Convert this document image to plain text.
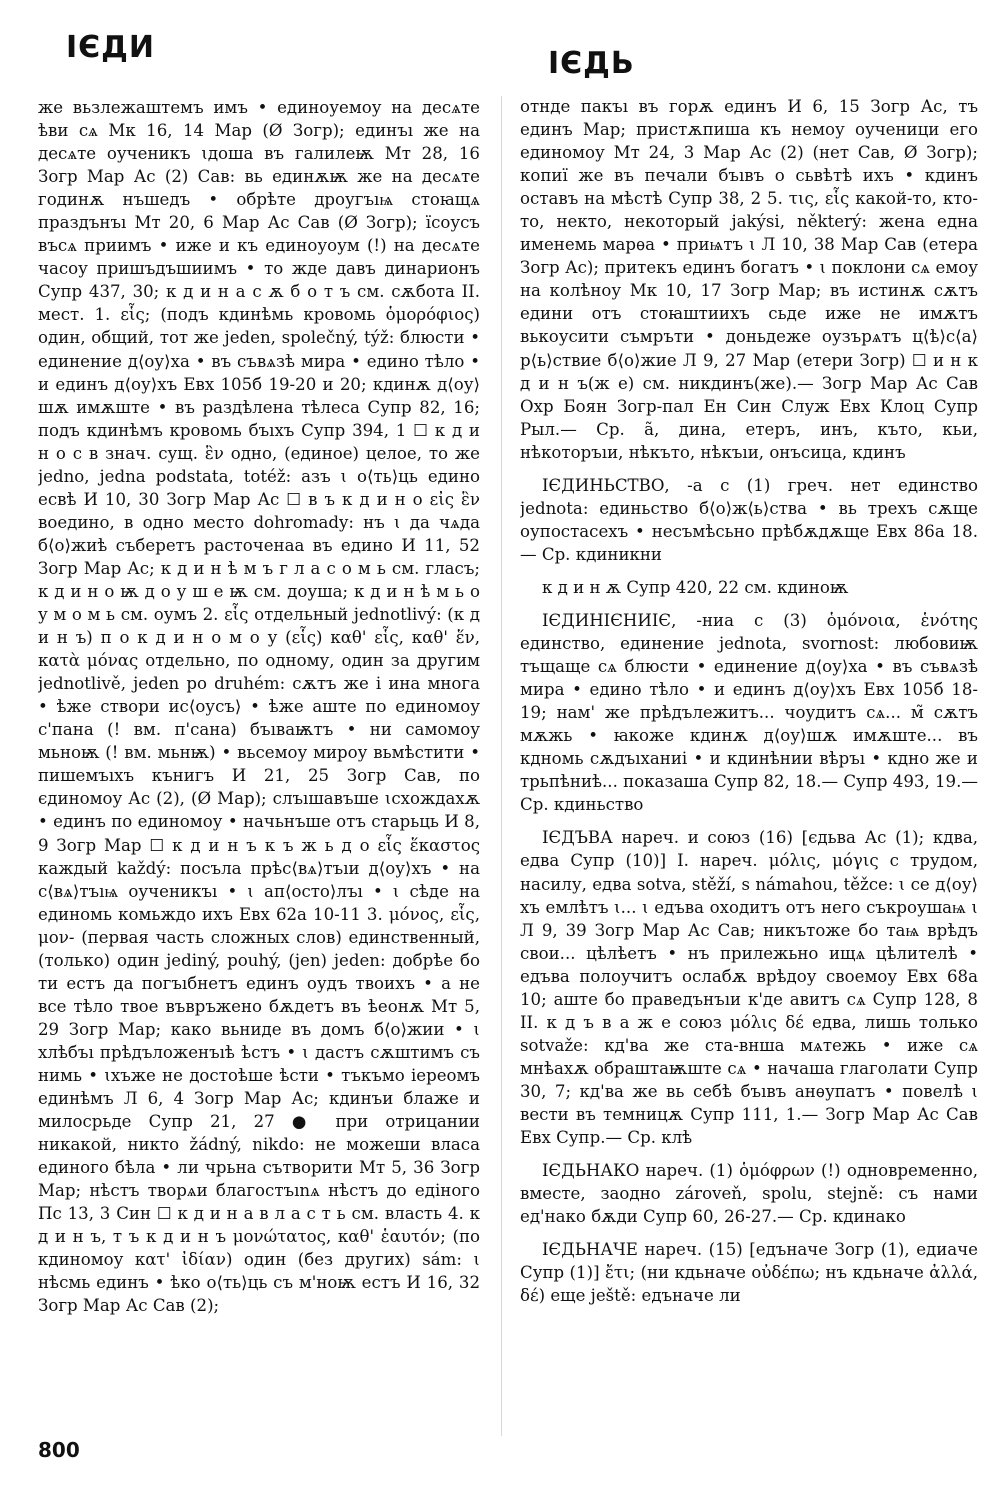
ІЄДИ	ІЄДЬ

же вьзлежаштемъ имъ • единоуемоу на десѧте ѣви сѧ Мк 16, 14 Мар (Ø Зогр); единъı же на десѧте оученикъ ꙇдоша въ галилеѭ Мт 28, 16 Зогр Мар Ас (2) Сав: вь единѫѭ же на десѧте годинѫ нъшедъ • обрѣте дроугъıѩ стоꙗщѧ праздънъı Мт 20, 6 Мар Ас Сав (Ø Зогр); їсоусъ въсѧ приимъ • иже и къ единоуоум (!) на десѧте часоу пришъдъшиимъ • то жде давъ динарионъ Супр 437, 30; к д и н а с ѫ б о т ъ см. сѫбота II. мест. 1. εἷς; (подъ кдинѣмь кровомь ὁμορόφιος) один, общий, тот же jeden, společný, týž: блюсти • единение д⟨оу⟩ха • въ съвѧзѣ мира • едино тѣло • и единъ д⟨оу⟩хъ Евх 105б 19-20 и 20; кдинѫ д⟨оу⟩шѫ имѫште • въ раздѣлена тѣлеса Супр 82, 16; подъ кдинѣмъ кровомь бъıхъ Супр 394, 1 ☐ к д и н о с в знач. сущ. ἓν одно, (единое) целое, то же jedno, jedna podstata, totéž: азъ ꙇ о⟨ть⟩ць едино есвѣ И 10, 30 Зогр Мар Ас ☐ в ъ к д и н о εἰς ἓν воедино, в одно место dohromady: нъ ꙇ да чѧда б⟨о⟩жиѣ съберетъ расточенаа въ едино И 11, 52 Зогр Мар Ас; к д и н ѣ м ъ г л а с о м ь см. гласъ; к д и н о ѭ д о у ш е ѭ см. доуша; к д и н ѣ м ь о у м о м ь см. оумъ 2. εἷς отдельный jednotlivý: (к д и н ъ) п о к д и н о м о у (εἷς) καθ' εἷς, καθ' ἕν, κατὰ μόνας отдельно, по одному, один за другим jednotlivě, jeden po druhém: сѫтъ же і ина многа • ѣже створи ис⟨оусъ⟩ • ѣже аште по единомоу с'пана (! вм. п'сана) бъıваѭтъ • ни самомоу мьноѭ (! вм. мьнѭ) • вьсемоу мироу вьмѣстити • пишемъıхъ кънигъ И 21, 25 Зогр Сав, по єдиномоу Ас (2), (Ø Мар); слъıшавъше ꙇсхождахѫ • единъ по единомоу • начьнъше отъ старьць И 8, 9 Зогр Мар ☐ к д и н ъ к ъ ж ь д о εἷς ἕκαστος каждый každý: посъла прѣс⟨вѧ⟩тъıи д⟨оу⟩хъ • на с⟨вѧ⟩тъıѩ оученикъı • ꙇ ап⟨осто⟩лъı • ꙇ сѣде на единомь комьждо ихъ Евх 62а 10-11 3. μόνος, εἷς, μον- (первая часть сложных слов) единственный, (только) один jediný, pouhý, (jen) jeden: добрѣе бо ти естъ да погъıбнетъ единъ оудъ твоихъ • а не все тѣло твое въвръжено бѫдетъ въ ѣеонѫ Мт 5, 29 Зогр Мар; како вьниде въ домъ б⟨о⟩жии • ꙇ хлѣбъı прѣдъложенъıѣ ѣстъ • ꙇ дастъ сѫштимъ съ нимь • ꙇхъже не достоѣше ѣсти • тъкъмо іереомъ единѣмъ Л 6, 4 Зогр Мар Ас; кдинъи блаже и милосрьде Супр 21, 27 ● при отрицании никакой, никто žádný, nikdo: не можеши власа единого бѣла • ли чрьна сътворити Мт 5, 36 Зогр Мар; нѣстъ творѧи благостъınѧ нѣстъ до едіного Пс 13, 3 Син ☐ к д и н а в л а с т ь см. власть 4. к д и н ъ, т ъ к д и н ъ μονώτατος, καθ' ἑαυτόν; (по кдиномоу κατ' ἰδίαν) один (без других) sám: ꙇ нѣсмь единъ • ѣко о⟨ть⟩ць съ м'ноѭ естъ И 16, 32 Зогр Мар Ас Сав (2);

отнде пакъı въ горѫ единъ И 6, 15 Зогр Ас, тъ единъ Мар; пристѫпиша къ немоу оученици его единомоу Мт 24, 3 Мар Ас (2) (нет Сав, Ø Зогр); копиї же въ печали бъıвъ о сьвѣтѣ ихъ • кдинъ оставъ на мѣстѣ Супр 38, 2 5. τις, εἷς какой-то, кто-то, некто, некоторый jakýsi, některý: жена една именемь марѳа • приѩтъ ꙇ Л 10, 38 Мар Сав (етера Зогр Ас); притекъ единъ богатъ • ꙇ поклони сѧ емоу на колѣноу Мк 10, 17 Зогр Мар; въ истинѫ сѫтъ едини отъ стоꙗштиихъ сьде иже не имѫтъ вькоусити съмръти • доньдеже оузърѧтъ ц⟨ѣ⟩с⟨а⟩р⟨ь⟩ствие б⟨о⟩жие Л 9, 27 Мар (етери Зогр) ☐ и н к д и н ъ(ж е) см. никдинъ(же).— Зогр Мар Ас Сав Охр Боян Зогр-пал Ен Син Служ Евх Клоц Супр Рыл.— Ср. а̃, дина, етеръ, инъ, къто, кьи, нѣкоторъıи, нѣкъто, нѣкъıи, онъсица, кдинъ

ІЄДИНЬСТВО, -а с (1) греч. нет единство jednota: единьство б⟨о⟩ж⟨ь⟩ства • вь трехъ сѫще оупостасехъ • несъмѣсьно прѣбѫдѫще Евх 86а 18.— Ср. кдиникни

к д и н ѫ Супр 420, 22 см. кдиноѭ

ІЄДИНІЄНИІЄ, -ниа с (3) ὁμόνοια, ἑνότης единство, единение jednota, svornost: любовиѭ тъщаще сѧ блюсти • единение д⟨оу⟩ха • въ съвѧзѣ мира • едино тѣло • и единъ д⟨оу⟩хъ Евх 105б 18-19; нам' же прѣдълежитъ... чоудитъ сѧ... м̃ сѫтъ мѫжь • ꙗкоже кдинѫ д⟨оу⟩шѫ имѫште... въ кдномь сѫдъıханиі • и кдинѣнии вѣръı • кдно же и трьпѣниѣ... показаша Супр 82, 18.— Супр 493, 19.— Ср. кдиньство

ІЄДЪВА нареч. и союз (16) [єдьва Ас (1); кдва, едва Супр (10)] I. нареч. μόλις, μόγις с трудом, насилу, едва sotva, stěží, s námahou, těžce: ꙇ се д⟨оу⟩хъ емлѣтъ ꙇ... ꙇ едъва оходитъ отъ него съкроушаѩ ꙇ Л 9, 39 Зогр Мар Ас Сав; никътоже бо таѩ врѣдъ свои... цѣлѣетъ • нъ прилежьно ищѧ цѣлителѣ • едъва полоучитъ ослабѫ врѣдоу своемоу Евх 68а 10; аште бо праведънъıи к'де авитъ сѧ Супр 128, 8 II. к д ъ в а ж е союз μόλις δέ едва, лишь только sotvaže: кд'ва же ста-внша мѧтежь • иже сѧ мнѣахѫ обраштаѭште сѧ • начаша глаголати Супр 30, 7; кд'ва же вь себѣ бъıвъ анѳупатъ • повелѣ ꙇ вести въ темницѫ Супр 111, 1.— Зогр Мар Ас Сав Евх Супр.— Ср. клѣ

ІЄДЬНАКО нареч. (1) ὁμόφρων (!) одновременно, вместе, заодно zároveň, spolu, stejně: съ нами ед'нако бѫди Супр 60, 26-27.— Ср. кдинако

ІЄДЬНАЧЕ нареч. (15) [едъначе Зогр (1), едиаче Супр (1)] ἔτι; (ни кдьначе οὐδέπω; нъ кдьначе ἀλλά, δέ) еще ještě: едъначе ли

800
